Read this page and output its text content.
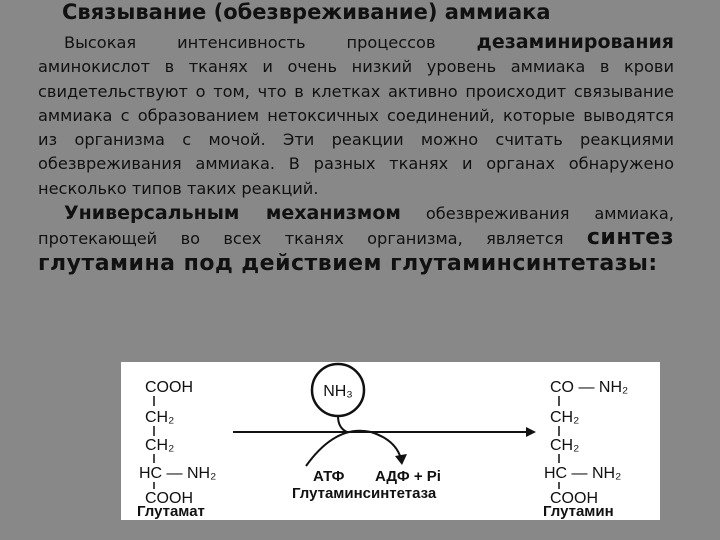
Связывание (обезвреживание) аммиака

Высокая интенсивность процессов дезаминирования аминокислот в тканях и очень низкий уровень аммиака в крови свидетельствуют о том, что в клетках активно происходит связывание аммиака с образованием нетоксичных соединений, которые выводятся из организма с мочой. Эти реакции можно считать реакциями обезвреживания аммиака. В разных тканях и органах обнаружено несколько типов таких реакций.

Универсальным механизмом обезвреживания аммиака, протекающей во всех тканях организма, является синтез глутамина под действием глутаминсинтетазы:

COOH
CH₂
CH₂
HC — NH₂
COOH
Глутамат
NH₃
АТФ АДФ + Pi
Глутаминсинтетаза
CO — NH₂
CH₂
CH₂
HC — NH₂
COOH
Глутамин
